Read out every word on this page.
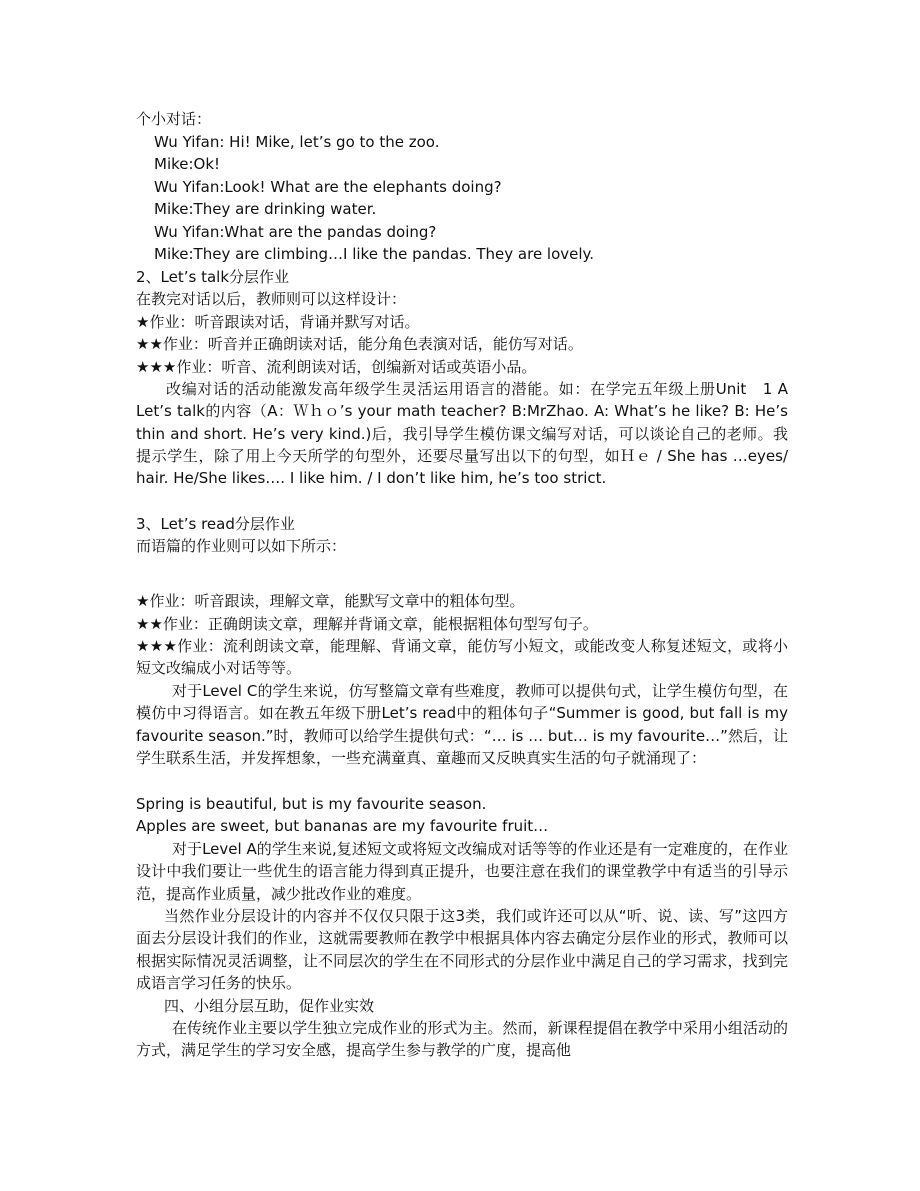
个小对话：
Wu Yifan: Hi! Mike, let’s go to the zoo.
Mike:Ok!
Wu Yifan:Look! What are the elephants doing?
Mike:They are drinking water.
Wu Yifan:What are the pandas doing?
Mike:They are climbing…I like the pandas. They are lovely.
2、Let’s talk分层作业
在教完对话以后，教师则可以这样设计：
★作业：听音跟读对话，背诵并默写对话。
★★作业：听音并正确朗读对话，能分角色表演对话，能仿写对话。
★★★作业：听音、流利朗读对话，创编新对话或英语小品。
改编对话的活动能激发高年级学生灵活运用语言的潜能。如：在学完五年级上册Unit　1 A　 Let’s talk的内容（A：Ｗｈｏ’s your math teacher? B:MrZhao. A: What’s he like? B: He’s thin and short. He’s very kind.)后，我引导学生模仿课文编写对话，可以谈论自己的老师。我提示学生，除了用上今天所学的句型外，还要尽量写出以下的句型，如Ｈｅ / She has …eyes/ hair. He/She likes…. I like him. / I don’t like him, he’s too strict.
3、Let’s read分层作业
而语篇的作业则可以如下所示：
★作业：听音跟读，理解文章，能默写文章中的粗体句型。
★★作业：正确朗读文章，理解并背诵文章，能根据粗体句型写句子。
★★★作业：流利朗读文章，能理解、背诵文章，能仿写小短文，或能改变人称复述短文，或将小短文改编成小对话等等。
对于Level C的学生来说，仿写整篇文章有些难度，教师可以提供句式，让学生模仿句型，在模仿中习得语言。如在教五年级下册Let’s read中的粗体句子“Summer is good, but fall is my favourite season.”时，教师可以给学生提供句式：“… is … but… is my favourite…”然后，让学生联系生活，并发挥想象，一些充满童真、童趣而又反映真实生活的句子就涌现了：
Spring is beautiful, but is my favourite season.
Apples are sweet, but bananas are my favourite fruit…
对于Level A的学生来说,复述短文或将短文改编成对话等等的作业还是有一定难度的，在作业设计中我们要让一些优生的语言能力得到真正提升，也要注意在我们的课堂教学中有适当的引导示范，提高作业质量，减少批改作业的难度。
当然作业分层设计的内容并不仅仅只限于这3类，我们或许还可以从“听、说、读、写”这四方面去分层设计我们的作业，这就需要教师在教学中根据具体内容去确定分层作业的形式，教师可以根据实际情况灵活调整，让不同层次的学生在不同形式的分层作业中满足自己的学习需求，找到完成语言学习任务的快乐。
四、小组分层互助，促作业实效
在传统作业主要以学生独立完成作业的形式为主。然而，新课程提倡在教学中采用小组活动的方式，满足学生的学习安全感，提高学生参与教学的广度，提高他
